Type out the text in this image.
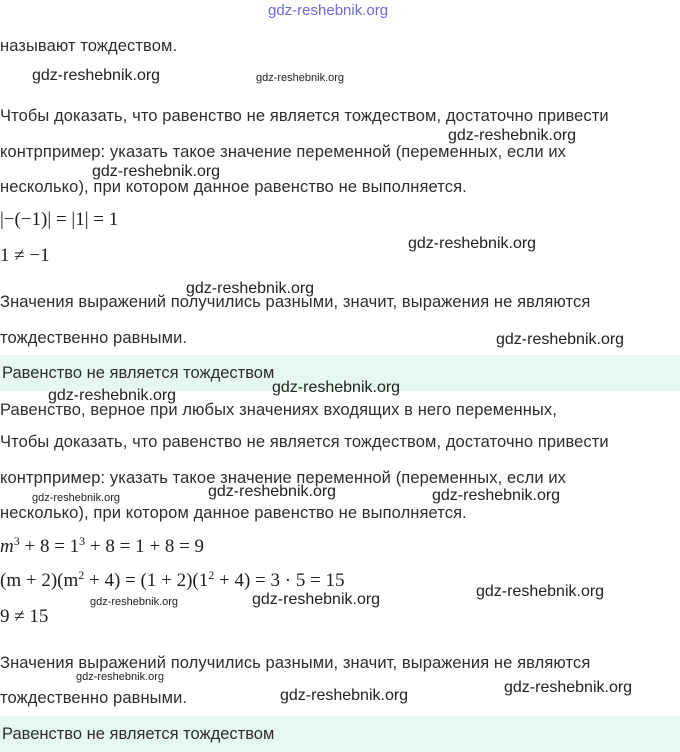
называют тождеством.
Чтобы доказать, что равенство не является тождеством, достаточно привести
контрпример: указать такое значение переменной (переменных, если их
несколько), при котором данное равенство не выполняется.
|−(−1)| = |1| = 1
1 ≠ −1
Значения выражений получились разными, значит, выражения не являются
тождественно равными.
Равенство не является тождеством
Равенство, верное при любых значениях входящих в него переменных,
Чтобы доказать, что равенство не является тождеством, достаточно привести
контрпример: указать такое значение переменной (переменных, если их
несколько), при котором данное равенство не выполняется.
$m^3 + 8 = 1^3 + 8 = 1 + 8 = 9$
$(m + 2)(m^2 + 4) = (1 + 2)(1^2 + 4) = 3 \cdot 5 = 15$
9 ≠ 15
Значения выражений получились разными, значит, выражения не являются
тождественно равными.
Равенство не является тождеством
gdz-reshebnik.org
gdz-reshebnik.org	gdz-reshebnik.org
gdz-reshebnik.org
gdz-reshebnik.org
gdz-reshebnik.org
gdz-reshebnik.org
gdz-reshebnik.org
gdz-reshebnik.org	gdz-reshebnik.org
gdz-reshebnik.org	gdz-reshebnik.org	gdz-reshebnik.org
gdz-reshebnik.org	gdz-reshebnik.org	gdz-reshebnik.org
gdz-reshebnik.org
gdz-reshebnik.org	gdz-reshebnik.org
